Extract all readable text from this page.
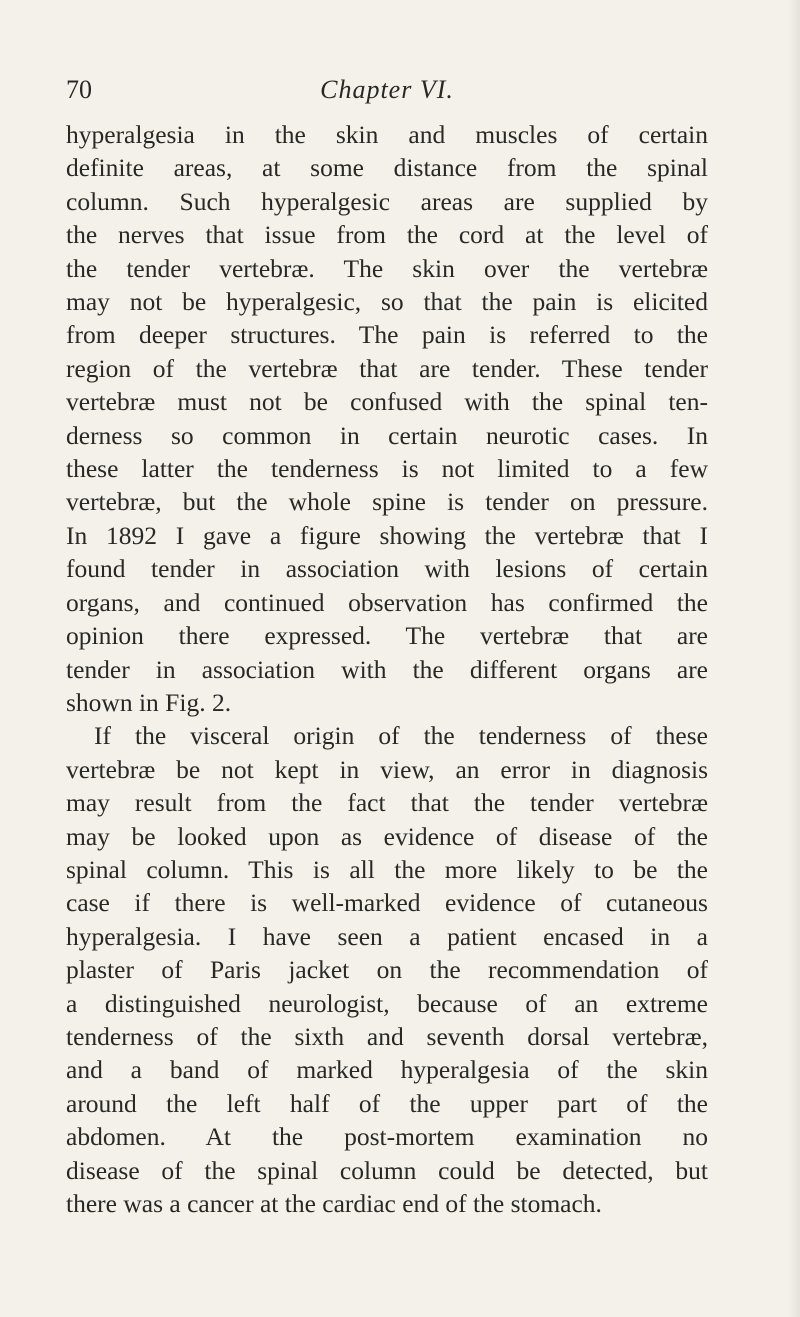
70	Chapter VI.
hyperalgesia in the skin and muscles of certain
definite areas, at some distance from the spinal
column. Such hyperalgesic areas are supplied by
the nerves that issue from the cord at the level of
the tender vertebræ. The skin over the vertebræ
may not be hyperalgesic, so that the pain is elicited
from deeper structures. The pain is referred to the
region of the vertebræ that are tender. These tender
vertebræ must not be confused with the spinal ten-
derness so common in certain neurotic cases. In
these latter the tenderness is not limited to a few
vertebræ, but the whole spine is tender on pressure.
In 1892 I gave a figure showing the vertebræ that I
found tender in association with lesions of certain
organs, and continued observation has confirmed the
opinion there expressed. The vertebræ that are
tender in association with the different organs are
shown in Fig. 2.
If the visceral origin of the tenderness of these
vertebræ be not kept in view, an error in diagnosis
may result from the fact that the tender vertebræ
may be looked upon as evidence of disease of the
spinal column. This is all the more likely to be the
case if there is well-marked evidence of cutaneous
hyperalgesia. I have seen a patient encased in a
plaster of Paris jacket on the recommendation of
a distinguished neurologist, because of an extreme
tenderness of the sixth and seventh dorsal vertebræ,
and a band of marked hyperalgesia of the skin
around the left half of the upper part of the
abdomen. At the post-mortem examination no
disease of the spinal column could be detected, but
there was a cancer at the cardiac end of the stomach.
